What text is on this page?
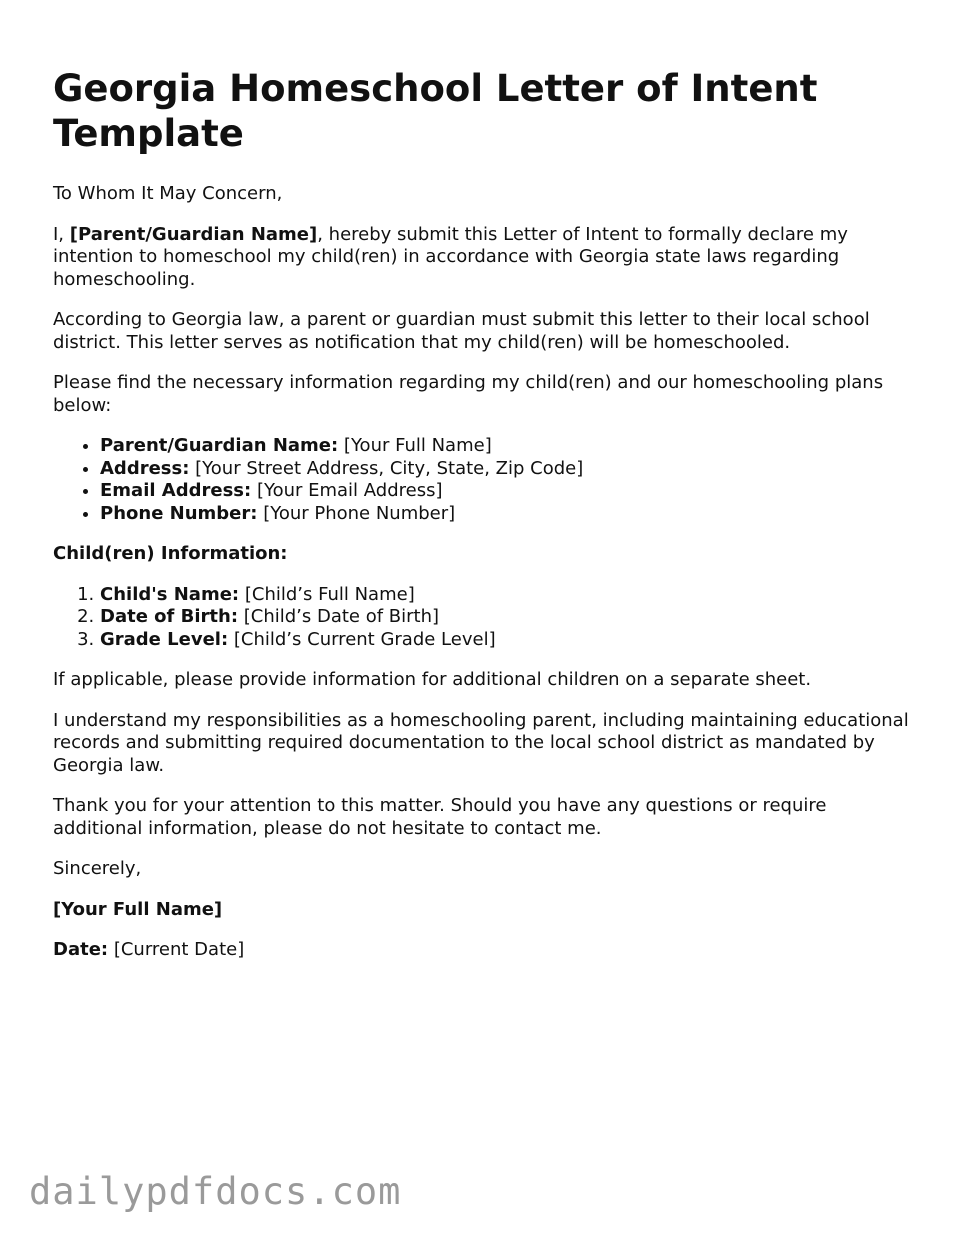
Georgia Homeschool Letter of Intent Template

To Whom It May Concern,

I, [Parent/Guardian Name], hereby submit this Letter of Intent to formally declare my intention to homeschool my child(ren) in accordance with Georgia state laws regarding homeschooling.

According to Georgia law, a parent or guardian must submit this letter to their local school district. This letter serves as notification that my child(ren) will be homeschooled.

Please find the necessary information regarding my child(ren) and our homeschooling plans below:

• Parent/Guardian Name: [Your Full Name]
• Address: [Your Street Address, City, State, Zip Code]
• Email Address: [Your Email Address]
• Phone Number: [Your Phone Number]

Child(ren) Information:

1. Child's Name: [Child’s Full Name]
2. Date of Birth: [Child’s Date of Birth]
3. Grade Level: [Child’s Current Grade Level]

If applicable, please provide information for additional children on a separate sheet.

I understand my responsibilities as a homeschooling parent, including maintaining educational records and submitting required documentation to the local school district as mandated by Georgia law.

Thank you for your attention to this matter. Should you have any questions or require additional information, please do not hesitate to contact me.

Sincerely,

[Your Full Name]

Date: [Current Date]

dailypdfdocs.com
